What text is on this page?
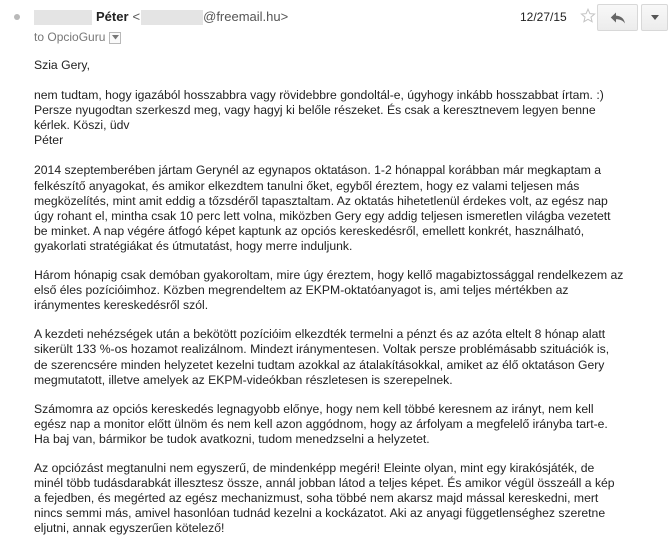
Péter <	@freemail.hu>
to
OpcioGuru
12/27/15

Szia Gery,

nem tudtam, hogy igazából hosszabbra vagy rövidebbre gondoltál-e, úgyhogy inkább hosszabbat írtam. :)
Persze nyugodtan szerkeszd meg, vagy hagyj ki belőle részeket. És csak a keresztnevem legyen benne
kérlek. Köszi, üdv
Péter

2014 szeptemberében jártam Gerynél az egynapos oktatáson. 1-2 hónappal korábban már megkaptam a
felkészítő anyagokat, és amikor elkezdtem tanulni őket, egyből éreztem, hogy ez valami teljesen más
megközelítés, mint amit eddig a tőzsdéről tapasztaltam. Az oktatás hihetetlenül érdekes volt, az egész nap
úgy rohant el, mintha csak 10 perc lett volna, miközben Gery egy addig teljesen ismeretlen világba vezetett
be minket. A nap végére átfogó képet kaptunk az opciós kereskedésről, emellett konkrét, használható,
gyakorlati stratégiákat és útmutatást, hogy merre induljunk.

Három hónapig csak demóban gyakoroltam, mire úgy éreztem, hogy kellő magabiztossággal rendelkezem az
első éles pozícióimhoz. Közben megrendeltem az EKPM-oktatóanyagot is, ami teljes mértékben az
iránymentes kereskedésről szól.

A kezdeti nehézségek után a bekötött pozícióim elkezdték termelni a pénzt és az azóta eltelt 8 hónap alatt
sikerült 133 %-os hozamot realizálnom. Mindezt iránymentesen. Voltak persze problémásabb szituációk is,
de szerencsére minden helyzetet kezelni tudtam azokkal az átalakításokkal, amiket az élő oktatáson Gery
megmutatott, illetve amelyek az EKPM-videókban részletesen is szerepelnek.

Számomra az opciós kereskedés legnagyobb előnye, hogy nem kell többé keresnem az irányt, nem kell
egész nap a monitor előtt ülnöm és nem kell azon aggódnom, hogy az árfolyam a megfelelő irányba tart-e.
Ha baj van, bármikor be tudok avatkozni, tudom menedzselni a helyzetet.

Az opciózást megtanulni nem egyszerű, de mindenképp megéri! Eleinte olyan, mint egy kirakósjáték, de
minél több tudásdarabkát illesztesz össze, annál jobban látod a teljes képet. És amikor végül összeáll a kép
a fejedben, és megérted az egész mechanizmust, soha többé nem akarsz majd mással kereskedni, mert
nincs semmi más, amivel hasonlóan tudnád kezelni a kockázatot. Aki az anyagi függetlenséghez szeretne
eljutni, annak egyszerűen kötelező!
